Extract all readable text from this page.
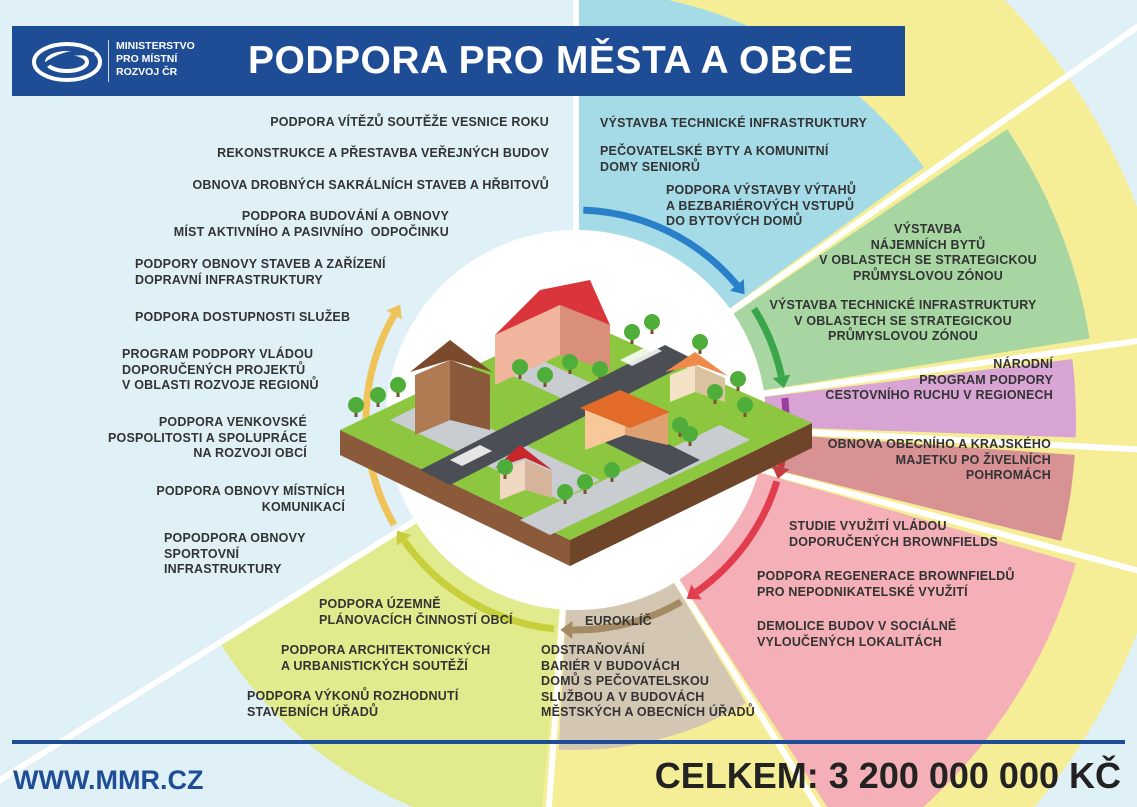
MINISTERSTVO
PRO MÍSTNÍ
ROZVOJ ČR	PODPORA PRO MĚSTA A OBCE
PODPORA VÍTĚZŮ SOUTĚŽE VESNICE ROKU
REKONSTRUKCE A PŘESTAVBA VEŘEJNÝCH BUDOV
OBNOVA DROBNÝCH SAKRÁLNÍCH STAVEB A HŘBITOVŮ
PODPORA BUDOVÁNÍ A OBNOVY
MÍST AKTIVNÍHO A PASIVNÍHO  ODPOČINKU
PODPORY OBNOVY STAVEB A ZAŘÍZENÍ
DOPRAVNÍ INFRASTRUKTURY
PODPORA DOSTUPNOSTI SLUŽEB
PROGRAM PODPORY VLÁDOU
DOPORUČENÝCH PROJEKTŮ
V OBLASTI ROZVOJE REGIONŮ
PODPORA VENKOVSKÉ
POSPOLITOSTI A SPOLUPRÁCE
NA ROZVOJI OBCÍ
PODPORA OBNOVY MÍSTNÍCH
KOMUNIKACÍ
POPODPORA OBNOVY
SPORTOVNÍ
INFRASTRUKTURY
VÝSTAVBA TECHNICKÉ INFRASTRUKTURY
PEČOVATELSKÉ BYTY A KOMUNITNÍ
DOMY SENIORŮ
PODPORA VÝSTAVBY VÝTAHŮ
A BEZBARIÉROVÝCH VSTUPŮ
DO BYTOVÝCH DOMŮ
VÝSTAVBA
NÁJEMNÍCH BYTŮ
V OBLASTECH SE STRATEGICKOU
PRŮMYSLOVOU ZÓNOU
VÝSTAVBA TECHNICKÉ INFRASTRUKTURY
V OBLASTECH SE STRATEGICKOU
PRŮMYSLOVOU ZÓNOU
NÁRODNÍ
PROGRAM PODPORY
CESTOVNÍHO RUCHU V REGIONECH
OBNOVA OBECNÍHO A KRAJSKÉHO
MAJETKU PO ŽIVELNÍCH
POHROMÁCH
STUDIE VYUŽITÍ VLÁDOU
DOPORUČENÝCH BROWNFIELDS
PODPORA REGENERACE BROWNFIELDŮ
PRO NEPODNIKATELSKÉ VYUŽITÍ
DEMOLICE BUDOV V SOCIÁLNĚ
VYLOUČENÝCH LOKALITÁCH
EUROKLÍČ
ODSTRAŇOVÁNÍ
BARIÉR V BUDOVÁCH
DOMŮ S PEČOVATELSKOU
SLUŽBOU A V BUDOVÁCH
MĚSTSKÝCH A OBECNÍCH ÚŘADŮ
PODPORA ÚZEMNĚ
PLÁNOVACÍCH ČINNOSTÍ OBCÍ
PODPORA ARCHITEKTONICKÝCH
A URBANISTICKÝCH SOUTĚŽÍ
PODPORA VÝKONŮ ROZHODNUTÍ
STAVEBNÍCH ÚŘADŮ
WWW.MMR.CZ	CELKEM: 3 200 000 000 KČ
